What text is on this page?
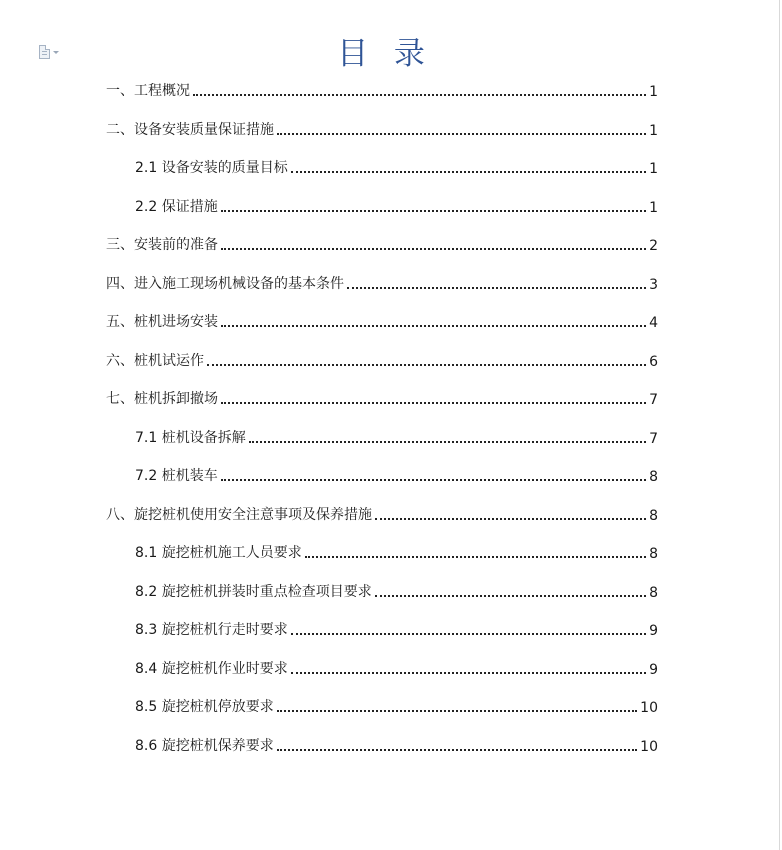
目 录
一、工程概况	1
二、设备安装质量保证措施	1
2.1 设备安装的质量目标	1
2.2 保证措施	1
三、安装前的准备	2
四、进入施工现场机械设备的基本条件	3
五、桩机进场安装	4
六、桩机试运作	6
七、桩机拆卸撤场	7
7.1 桩机设备拆解	7
7.2 桩机装车	8
八、旋挖桩机使用安全注意事项及保养措施	8
8.1 旋挖桩机施工人员要求	8
8.2 旋挖桩机拼装时重点检查项目要求	8
8.3 旋挖桩机行走时要求	9
8.4 旋挖桩机作业时要求	9
8.5 旋挖桩机停放要求	10
8.6 旋挖桩机保养要求	10
